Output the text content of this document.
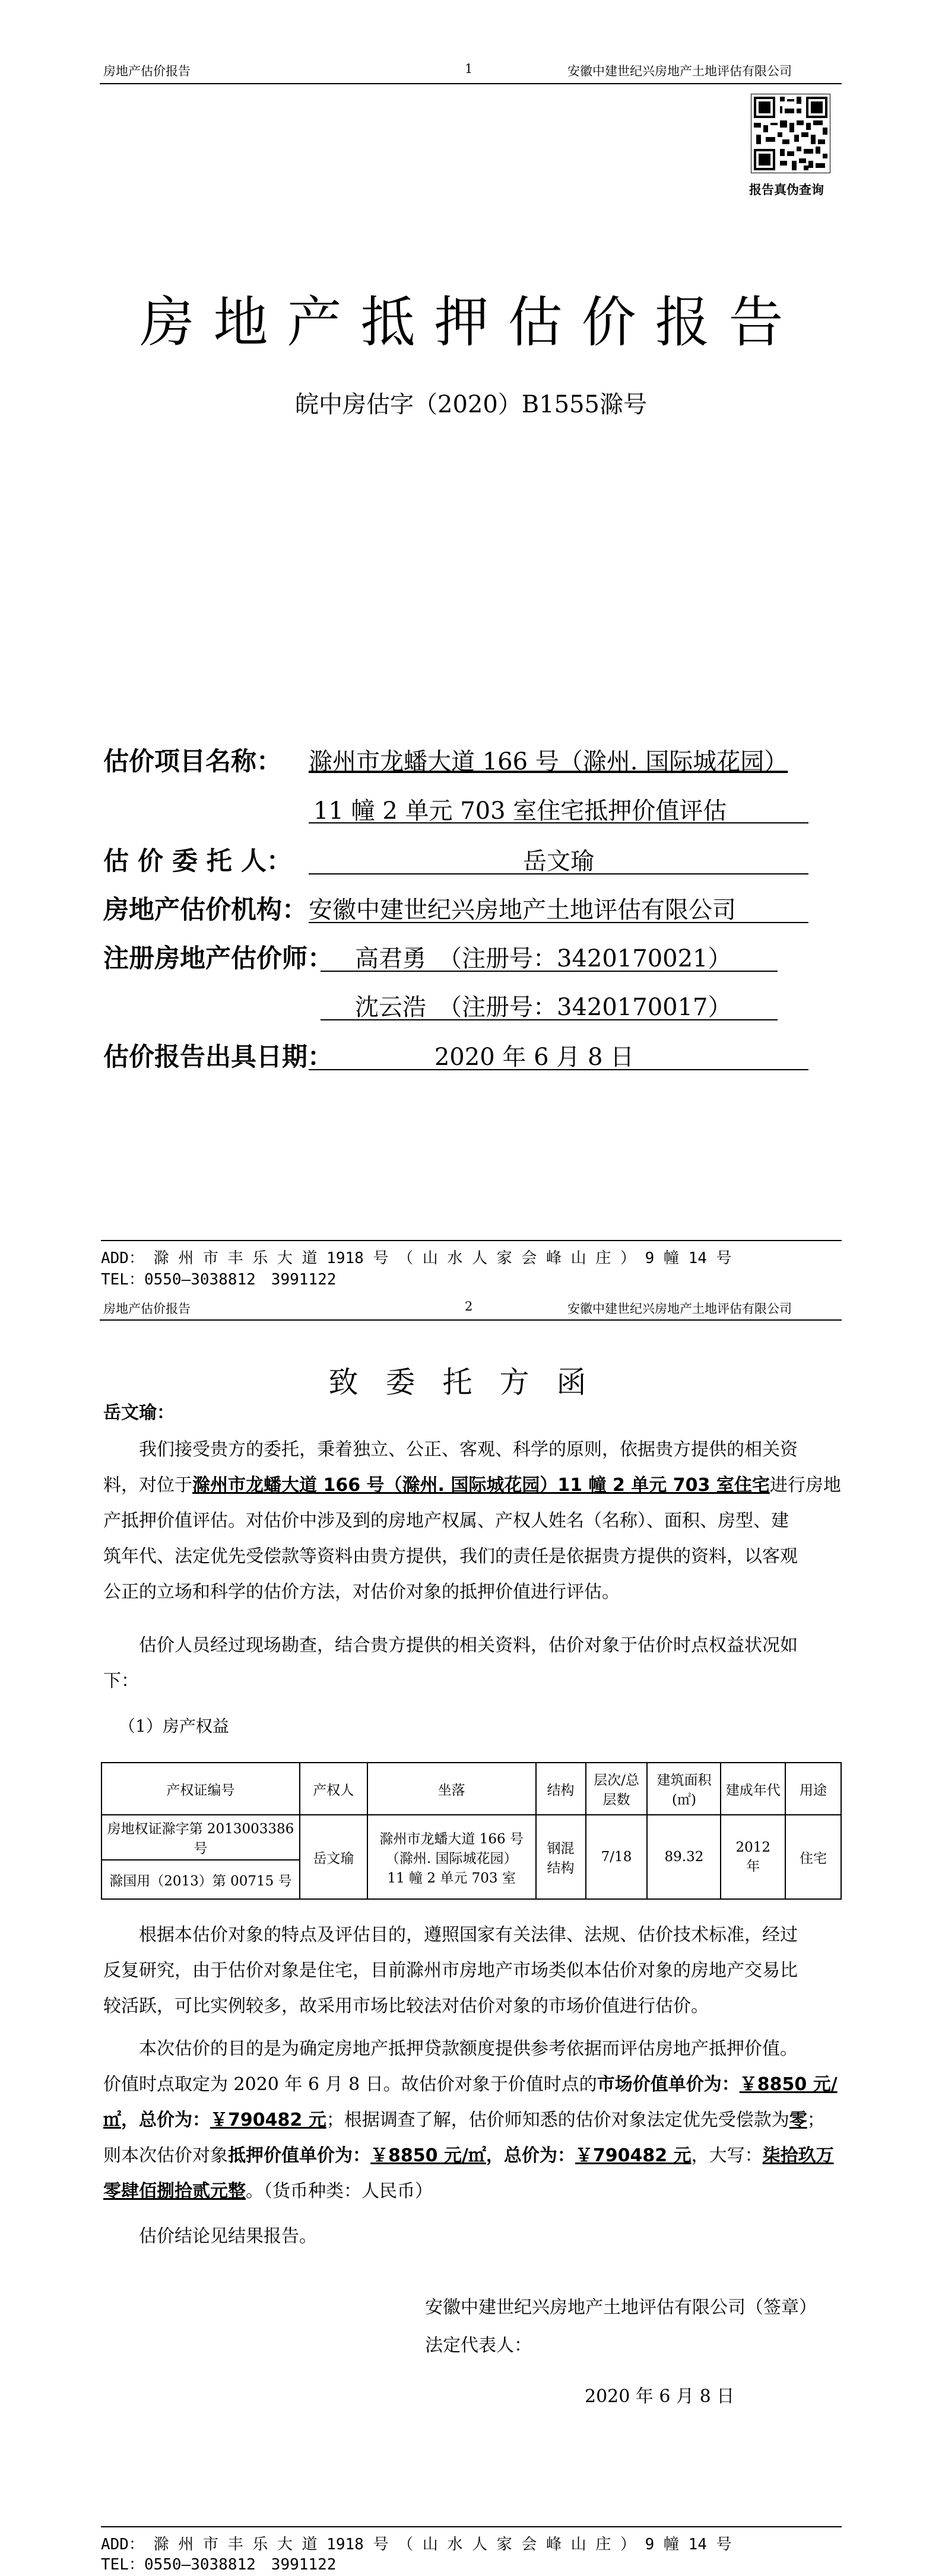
房地产估价报告	1	安徽中建世纪兴房地产土地评估有限公司
报告真伪查询
房地产抵押估价报告
皖中房估字（2020）B1555滁号
估价项目名称： 滁州市龙蟠大道 166 号（滁州. 国际城花园）
11 幢 2 单元 703 室住宅抵押价值评估
估 价 委 托 人：	岳文瑜
房地产估价机构： 安徽中建世纪兴房地产土地评估有限公司
注册房地产估价师： 高君勇　（注册号：3420170021）
沈云浩　（注册号：3420170017）
估价报告出具日期：	2020 年 6 月 8 日
ADD： 滁 州 市 丰 乐 大 道 1918 号 （ 山 水 人 家 会 峰 山 庄 ） 9 幢 14 号
TEL：0550—3038812　3991122
房地产估价报告	2	安徽中建世纪兴房地产土地评估有限公司
致委托方函
岳文瑜：
我们接受贵方的委托，秉着独立、公正、客观、科学的原则，依据贵方提供的相关资
料，对位于滁州市龙蟠大道 166 号（滁州. 国际城花园）11 幢 2 单元 703 室住宅进行房地
产抵押价值评估。对估价中涉及到的房地产权属、产权人姓名（名称）、面积、房型、建
筑年代、法定优先受偿款等资料由贵方提供，我们的责任是依据贵方提供的资料，以客观
公正的立场和科学的估价方法，对估价对象的抵押价值进行评估。
估价人员经过现场勘查，结合贵方提供的相关资料，估价对象于估价时点权益状况如
下：
（1）房产权益
产权证编号	产权人	坐落	结构	层次/总层数	建筑面积(㎡)	建成年代	用途
房地权证滁字第 2013003386 号	岳文瑜	滁州市龙蟠大道 166 号
（滁州. 国际城花园）
11 幢 2 单元 703 室	钢混结构	7/18	89.32	2012年	住宅
滁国用（2013）第 00715 号							
根据本估价对象的特点及评估目的，遵照国家有关法律、法规、估价技术标准，经过
反复研究，由于估价对象是住宅，目前滁州市房地产市场类似本估价对象的房地产交易比
较活跃，可比实例较多，故采用市场比较法对估价对象的市场价值进行估价。
本次估价的目的是为确定房地产抵押贷款额度提供参考依据而评估房地产抵押价值。
价值时点取定为 2020 年 6 月 8 日。故估价对象于价值时点的市场价值单价为：￥8850 元/
㎡，总价为：￥790482 元；根据调查了解，估价师知悉的估价对象法定优先受偿款为零；
则本次估价对象抵押价值单价为：￥8850 元/㎡，总价为：￥790482 元，大写：柒拾玖万
零肆佰捌拾贰元整。（货币种类：人民币）
估价结论见结果报告。
安徽中建世纪兴房地产土地评估有限公司（签章）
法定代表人：
2020 年 6 月 8 日
ADD： 滁 州 市 丰 乐 大 道 1918 号 （ 山 水 人 家 会 峰 山 庄 ） 9 幢 14 号
TEL：0550—3038812　3991122
